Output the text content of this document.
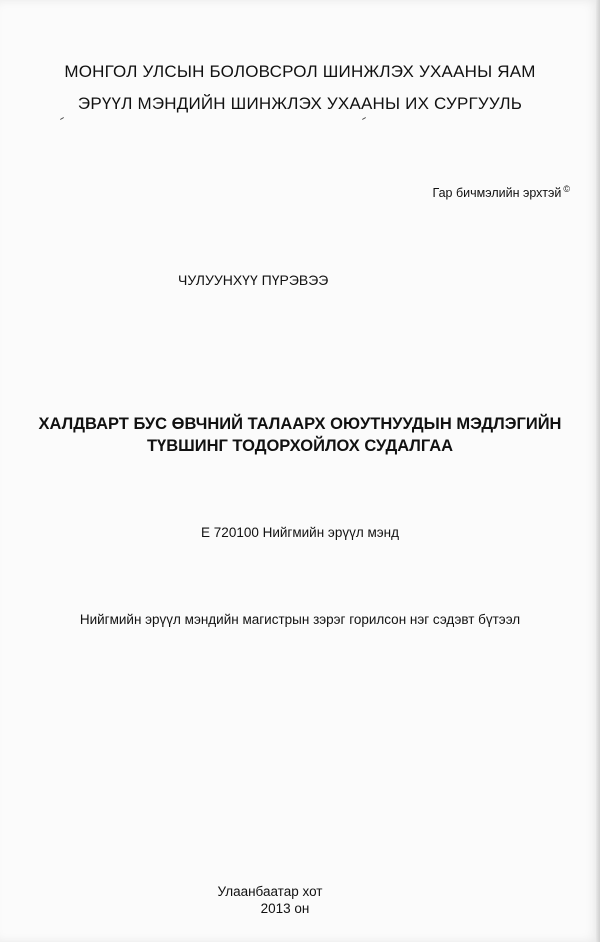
МОНГОЛ УЛСЫН БОЛОВСРОЛ ШИНЖЛЭХ УХААНЫ ЯАМ
ЭРҮҮЛ МЭНДИЙН ШИНЖЛЭХ УХААНЫ ИХ СУРГУУЛЬ
Гар бичмэлийн эрхтэй ©
ЧУЛУУНХҮҮ ПҮРЭВЭЭ
ХАЛДВАРТ БУС ӨВЧНИЙ ТАЛААРХ ОЮУТНУУДЫН МЭДЛЭГИЙН
ТҮВШИНГ ТОДОРХОЙЛОХ СУДАЛГАА
Е 720100 Нийгмийн эрүүл мэнд
Нийгмийн эрүүл мэндийн магистрын зэрэг горилсон нэг сэдэвт бүтээл
Улаанбаатар хот
2013 он
